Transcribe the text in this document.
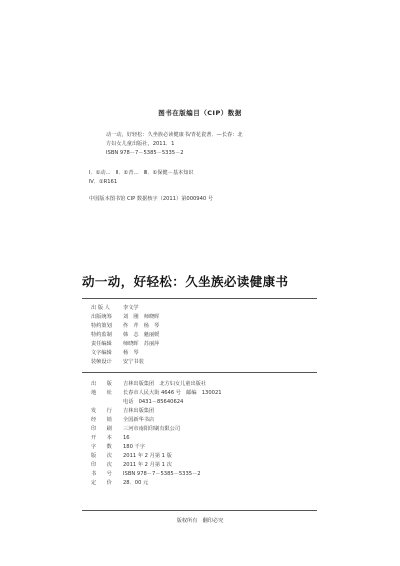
图书在版编目（CIP）数据
动一动，好轻松：久坐族必读健康书/青花瓷著．—长春：北
方妇女儿童出版社，2011．1
ISBN 978－7－5385－5335－2
Ⅰ．①动…　Ⅱ．①青…　Ⅲ．①保健－基本知识
Ⅳ．①R161
中国版本图书馆 CIP 数据核字（2011）第000940 号
动一动，好轻松：久坐族必读健康书
出 版 人	李文学
出版统筹 刘　刚　师晓晖
特约策划 佟　芹　杨　琴
特约监制 韩　志　魁丽媛
责任编辑 师晓晖　苏丽萍
文字编辑 杨　琴
装帧设计 安宁书装
出　　版 吉林出版集团　北方妇女儿童出版社
地　　址 长春市人民大街 4646 号　邮编　130021
电话　0431－85640624
发　　行 吉林出版集团
经　　销 全国新华书店
印　　刷 三河市南阳印刷有限公司
开　　本 16
字　　数 180 千字
版　　次 2011 年 2 月第 1 版
印　　次 2011 年 2 月第 1 次
书　　号 ISBN 978－7－5385－5335－2
定　　价 28．00 元
版权所有　翻印必究
